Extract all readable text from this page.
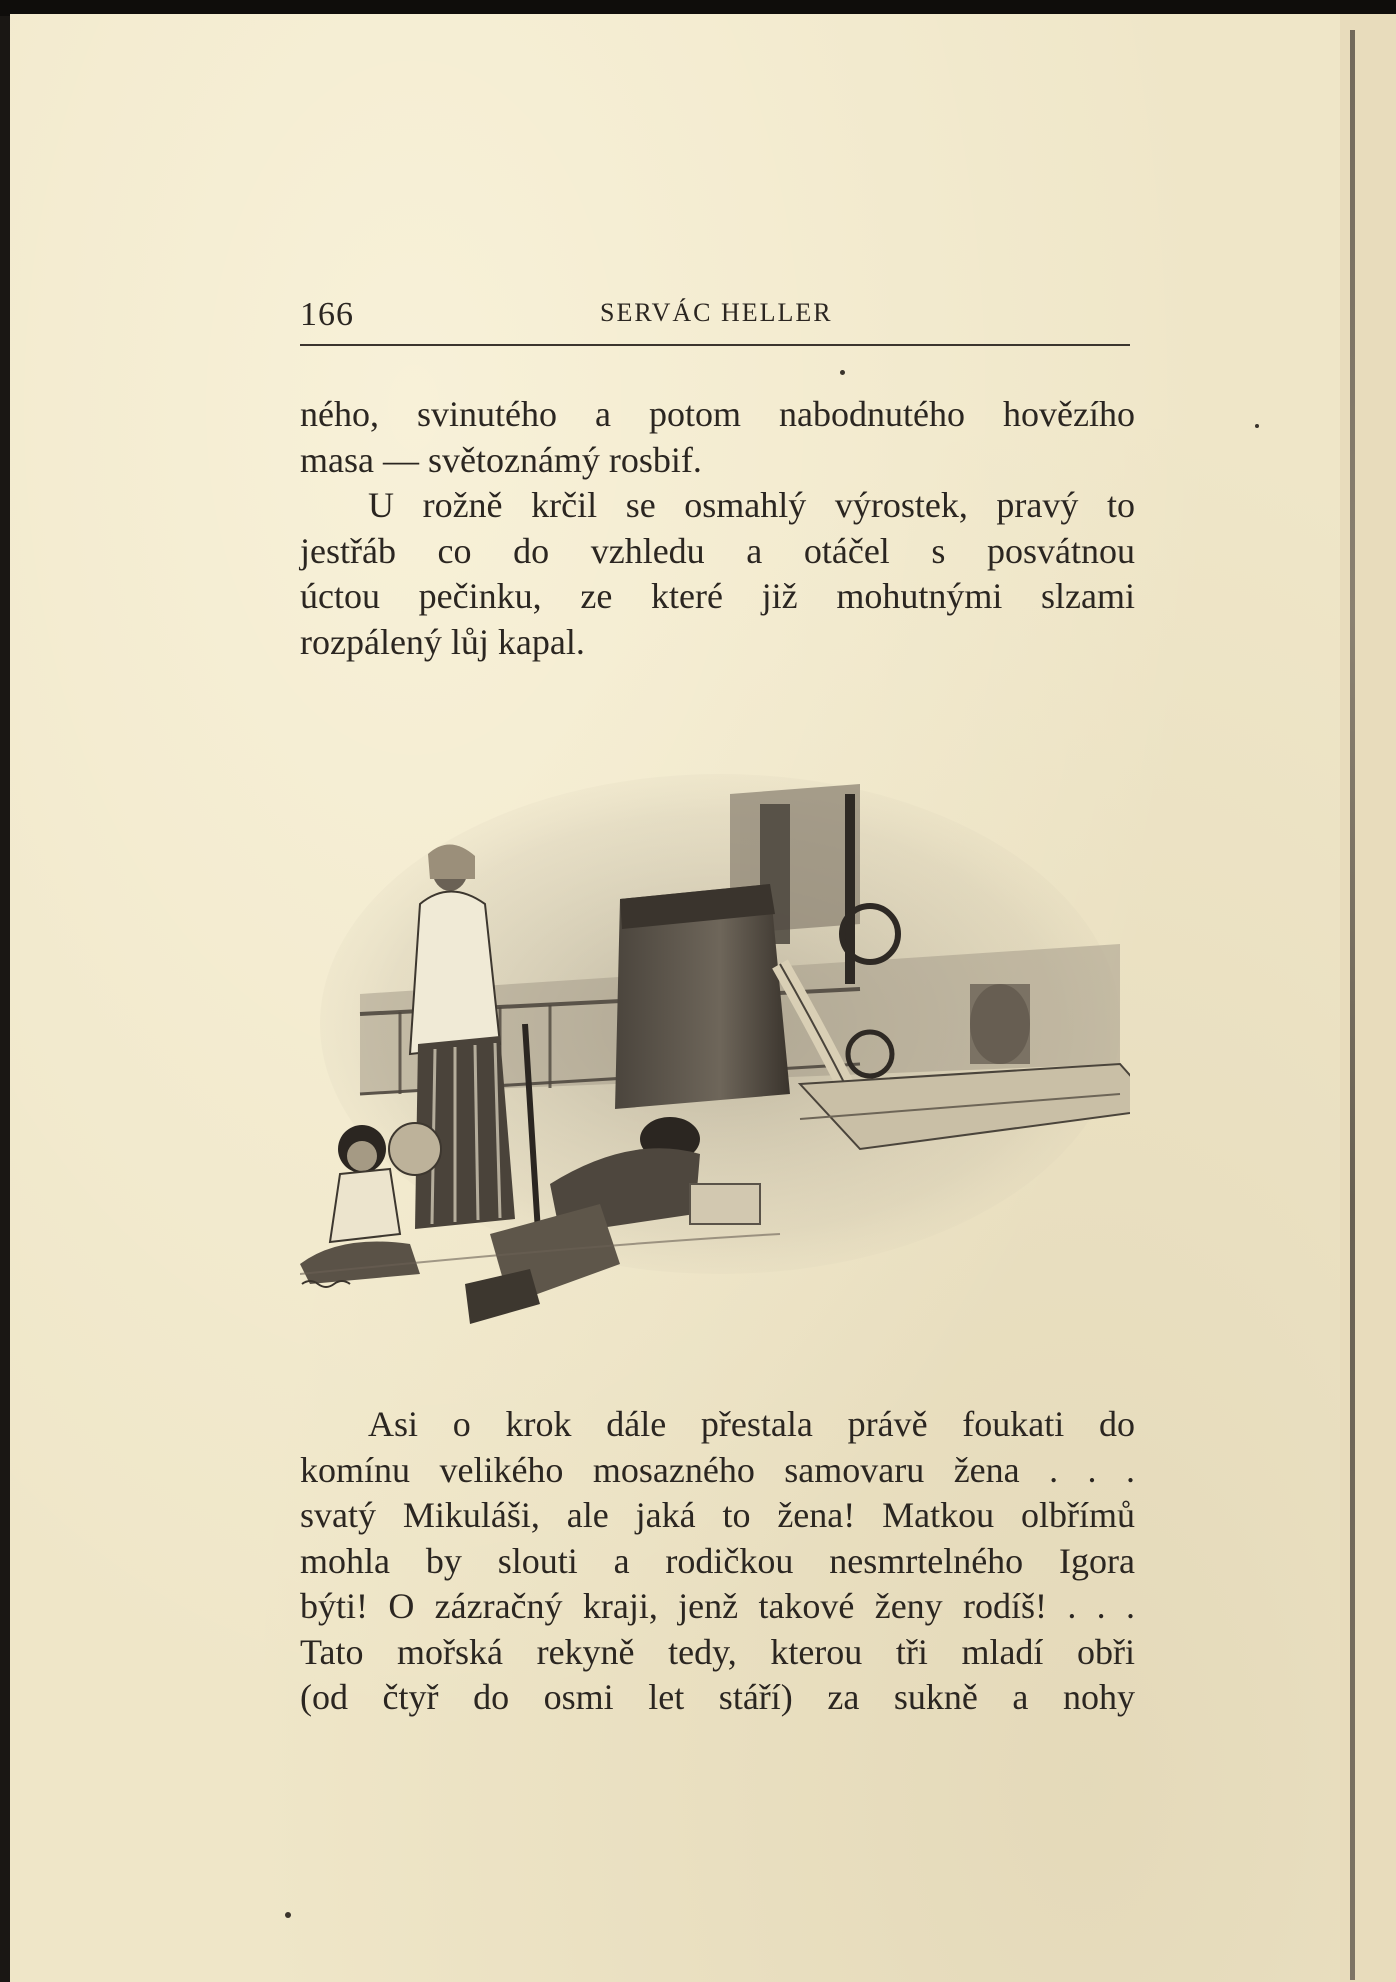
166	SERVÁC HELLER

ného, svinutého a potom nabodnutého hovězího

masa — světoznámý rosbif.

U rožně krčil se osmahlý výrostek, pravý to

jestřáb co do vzhledu a otáčel s posvátnou

úctou pečinku, ze které již mohutnými slzami

rozpálený lůj kapal.

Asi o krok dále přestala právě foukati do

komínu velikého mosazného samovaru žena . . .

svatý Mikuláši, ale jaká to žena! Matkou olbřímů

mohla by slouti a rodičkou nesmrtelného Igora

býti! O zázračný kraji, jenž takové ženy rodíš! . . .

Tato mořská rekyně tedy, kterou tři mladí obři

(od čtyř do osmi let stáří) za sukně a nohy
